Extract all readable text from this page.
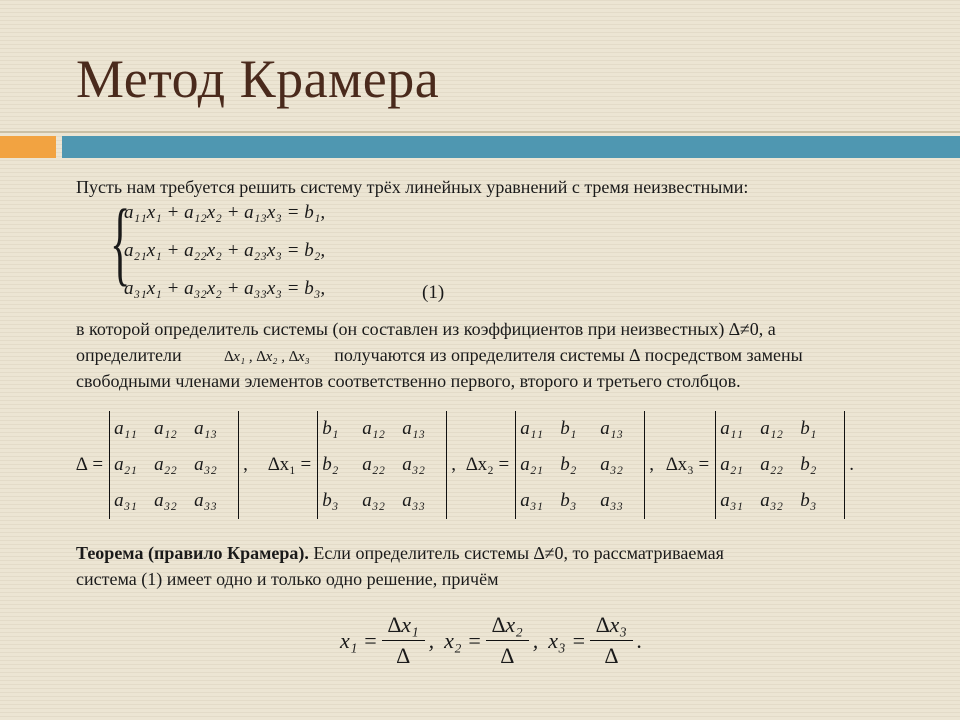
Метод Крамера
Пусть нам требуется решить систему трёх линейных уравнений с тремя неизвестными:
{
a₁₁x₁ + a₁₂x₂ + a₁₃x₃ = b₁,
a₂₁x₁ + a₂₂x₂ + a₂₃x₃ = b₂,
a₃₁x₁ + a₃₂x₂ + a₃₃x₃ = b₃,	(1)
в которой определитель системы (он составлен из коэффициентов при неизвестных) ∆≠0, а
определители	∆x₁ , ∆x₂ , ∆x₃ получаются из определителя системы ∆ посредством замены
свободными членами элементов соответственно первого, второго и третьего столбцов.
∆ =
a₁₁ a₁₂ a₁₃
a₂₁ a₂₂ a₃₂
a₃₁ a₃₂ a₃₃
, ∆x₁ =
b₁	a₁₂ a₁₃
b₂	a₂₂ a₃₂
b₃	a₃₂ a₃₃
, ∆x₂ =
a₁₁ b₁	a₁₃
a₂₁ b₂	a₃₂
a₃₁ b₃	a₃₃
, ∆x₃ =
a₁₁ a₁₂ b₁
a₂₁ a₂₂ b₂
a₃₁ a₃₂ b₃
.
Теорема (правило Крамера). Если определитель системы ∆≠0, то рассматриваемая
система (1) имеет одно и только одно решение, причём
$x_1 = \frac{\text{∆x₁}}{\Delta}$ , $x_2 = \frac{\text{∆x₂}}{\Delta}$ , $x_3 = \frac{\text{∆x₃}}{\Delta}$ .
